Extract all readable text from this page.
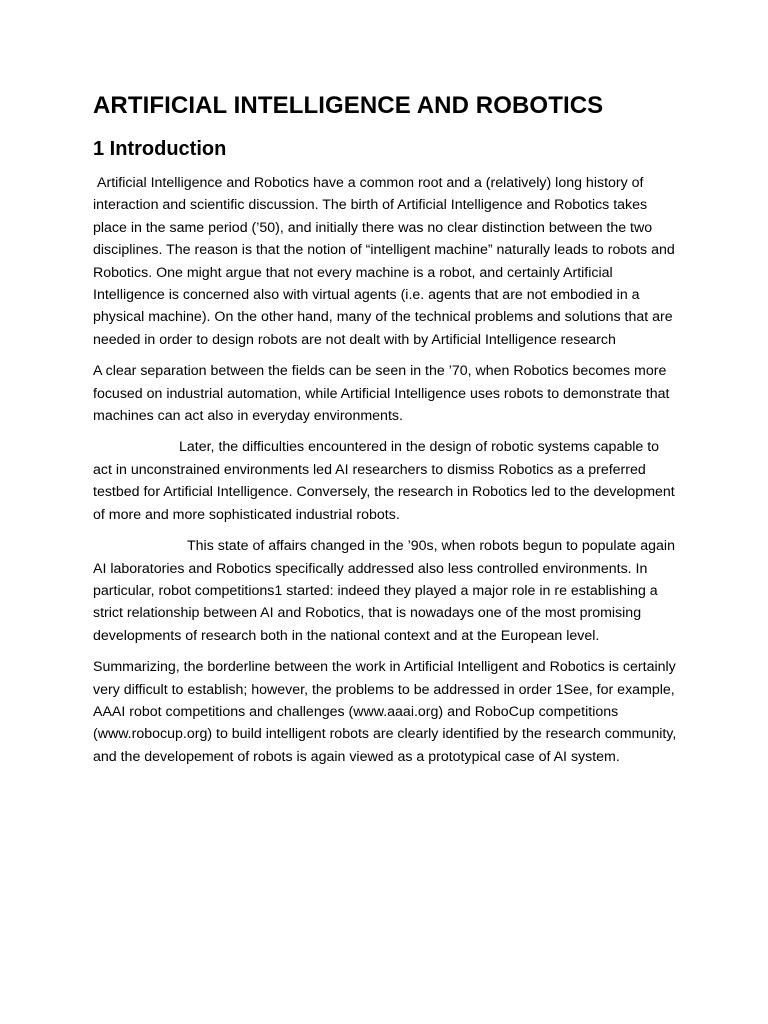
ARTIFICIAL INTELLIGENCE AND ROBOTICS
1 Introduction

Artificial Intelligence and Robotics have a common root and a (relatively) long history of interaction and scientific discussion. The birth of Artificial Intelligence and Robotics takes place in the same period (’50), and initially there was no clear distinction between the two disciplines. The reason is that the notion of “intelligent machine” naturally leads to robots and Robotics. One might argue that not every machine is a robot, and certainly Artificial Intelligence is concerned also with virtual agents (i.e. agents that are not embodied in a physical machine). On the other hand, many of the technical problems and solutions that are needed in order to design robots are not dealt with by Artificial Intelligence research

A clear separation between the fields can be seen in the ’70, when Robotics becomes more focused on industrial automation, while Artificial Intelligence uses robots to demonstrate that machines can act also in everyday environments.

Later, the difficulties encountered in the design of robotic systems capable to act in unconstrained environments led AI researchers to dismiss Robotics as a preferred testbed for Artificial Intelligence. Conversely, the research in Robotics led to the development of more and more sophisticated industrial robots.

This state of affairs changed in the ’90s, when robots begun to populate again AI laboratories and Robotics specifically addressed also less controlled environments. In particular, robot competitions1 started: indeed they played a major role in re establishing a strict relationship between AI and Robotics, that is nowadays one of the most promising developments of research both in the national context and at the European level.

Summarizing, the borderline between the work in Artificial Intelligent and Robotics is certainly very difficult to establish; however, the problems to be addressed in order 1See, for example, AAAI robot competitions and challenges (www.aaai.org) and RoboCup competitions (www.robocup.org) to build intelligent robots are clearly identified by the research community, and the developement of robots is again viewed as a prototypical case of AI system.
